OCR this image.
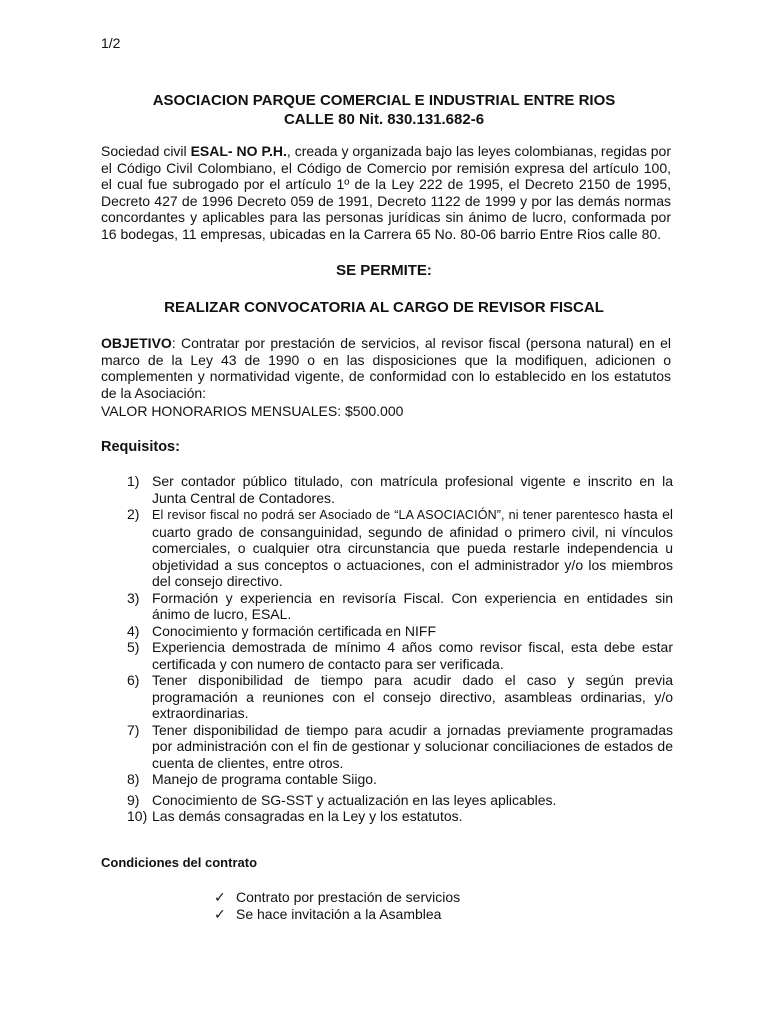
1/2
ASOCIACION PARQUE COMERCIAL E INDUSTRIAL ENTRE RIOS
CALLE 80 Nit. 830.131.682-6
Sociedad civil ESAL- NO P.H., creada y organizada bajo las leyes colombianas, regidas por el Código Civil Colombiano, el Código de Comercio por remisión expresa del artículo 100, el cual fue subrogado por el artículo 1º de la Ley 222 de 1995, el Decreto 2150 de 1995, Decreto 427 de 1996 Decreto 059 de 1991, Decreto 1122 de 1999 y por las demás normas concordantes y aplicables para las personas jurídicas sin ánimo de lucro, conformada por 16 bodegas, 11 empresas, ubicadas en la Carrera 65 No. 80-06 barrio Entre Rios calle 80.
SE PERMITE:
REALIZAR CONVOCATORIA AL CARGO DE REVISOR FISCAL
OBJETIVO: Contratar por prestación de servicios, al revisor fiscal (persona natural) en el marco de la Ley 43 de 1990 o en las disposiciones que la modifiquen, adicionen o complementen y normatividad vigente, de conformidad con lo establecido en los estatutos de la Asociación:
VALOR HONORARIOS MENSUALES: $500.000
Requisitos:
1) Ser contador público titulado, con matrícula profesional vigente e inscrito en la Junta Central de Contadores.
2)	El revisor fiscal no podrá ser Asociado de “LA ASOCIACIÓN”, ni tener parentesco hasta el cuarto grado de consanguinidad, segundo de afinidad o primero civil, ni vínculos comerciales, o cualquier otra circunstancia que pueda restarle independencia u objetividad a sus conceptos o actuaciones, con el administrador y/o los miembros del consejo directivo.
3) Formación y experiencia en revisoría Fiscal. Con experiencia en entidades sin ánimo de lucro, ESAL.
4) Conocimiento y formación certificada en NIFF
5) Experiencia demostrada de mínimo 4 años como revisor fiscal, esta debe estar certificada y con numero de contacto para ser verificada.
6) Tener disponibilidad de tiempo para acudir dado el caso y según previa programación a reuniones con el consejo directivo, asambleas ordinarias, y/o extraordinarias.
7) Tener disponibilidad de tiempo para acudir a jornadas previamente programadas por administración con el fin de gestionar y solucionar conciliaciones de estados de cuenta de clientes, entre otros.
8) Manejo de programa contable Siigo.
9) Conocimiento de SG-SST y actualización en las leyes aplicables.
10) Las demás consagradas en la Ley y los estatutos.
Condiciones del contrato
✓ Contrato por prestación de servicios
✓ Se hace invitación a la Asamblea
